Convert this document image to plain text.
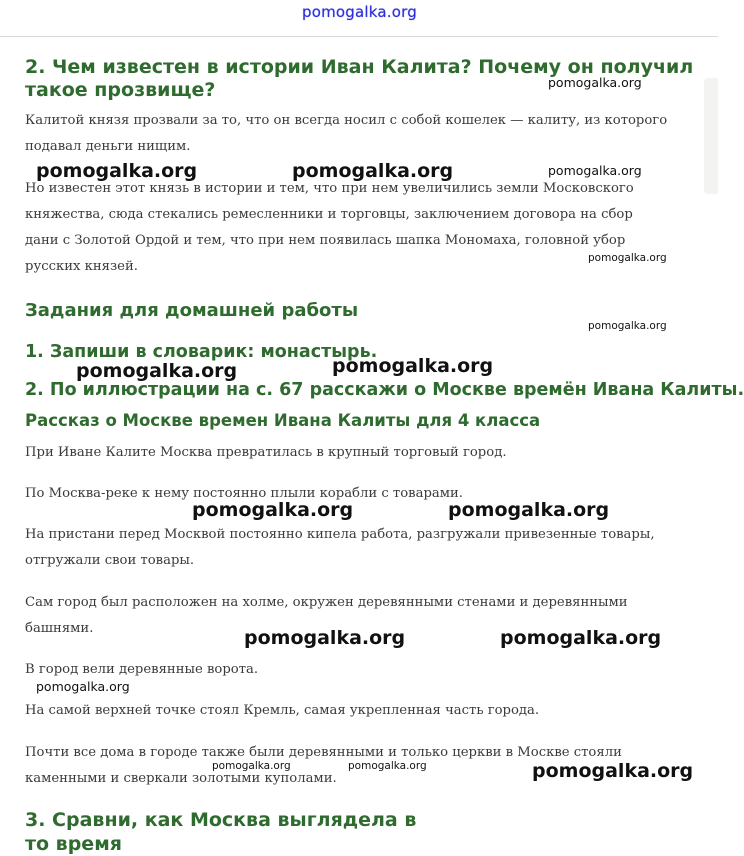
pomogalka.org
2. Чем известен в истории Иван Калита? Почему он получил
такое прозвище?
Калитой князя прозвали за то, что он всегда носил с собой кошелек — калиту, из которого
подавал деньги нищим.
Но известен этот князь в истории и тем, что при нем увеличились земли Московского
княжества, сюда стекались ремесленники и торговцы, заключением договора на сбор
дани с Золотой Ордой и тем, что при нем появилась шапка Мономаха, головной убор
русских князей.
Задания для домашней работы
1. Запиши в словарик: монастырь.
2. По иллюстрации на с. 67 расскажи о Москве времён Ивана Калиты.
Рассказ о Москве времен Ивана Калиты для 4 класса
При Иване Калите Москва превратилась в крупный торговый город.
По Москва-реке к нему постоянно плыли корабли с товарами.
На пристани перед Москвой постоянно кипела работа, разгружали привезенные товары,
отгружали свои товары.
Сам город был расположен на холме, окружен деревянными стенами и деревянными
башнями.
В город вели деревянные ворота.
На самой верхней точке стоял Кремль, самая укрепленная часть города.
Почти все дома в городе также были деревянными и только церкви в Москве стояли
каменными и сверкали золотыми куполами.
3. Сравни, как Москва выглядела в то время
pomogalka.org
pomogalka.org	pomogalka.org	pomogalka.org
pomogalka.org
pomogalka.org
pomogalka.org
pomogalka.org
pomogalka.org	pomogalka.org
pomogalka.org	pomogalka.org
pomogalka.org
pomogalka.org	pomogalka.org	pomogalka.org
